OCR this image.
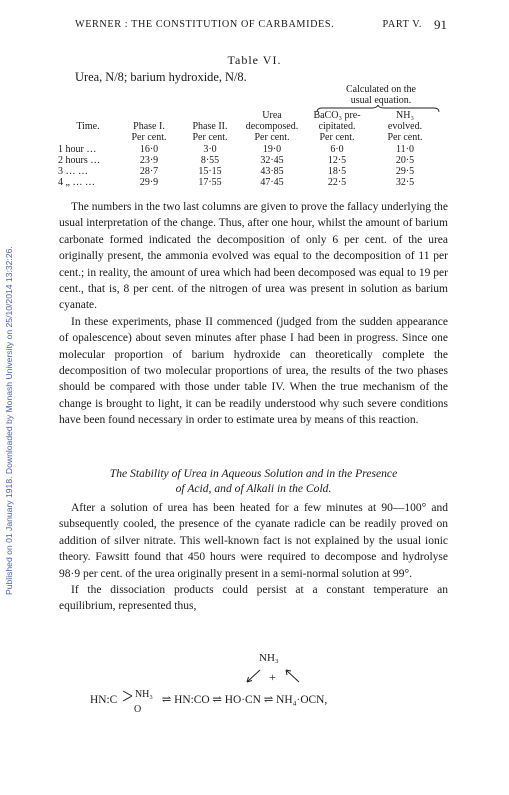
Published on 01 January 1918. Downloaded by Monash University on 25/10/2014 13:32:26.
WERNER : THE CONSTITUTION OF CARBAMIDES.	PART V. 91
Table VI.
Urea, N/8; barium hydroxide, N/8.
Calculated on the
usual equation.
			Urea	BaCO₃ pre-	NH₃
Time.	Phase I.	Phase II.	decomposed.	cipitated.	evolved.
	Per cent.	Per cent.	Per cent.	Per cent.	Per cent.
1 hour …	16·0	3·0	19·0	6·0	11·0
2 hours …	23·9	8·55	32·45	12·5	20·5
3 … …	28·7	15·15	43·85	18·5	29·5
4 „ … …	29·9	17·55	47·45	22·5	32·5

The numbers in the two last columns are given to prove the fallacy underlying the usual interpretation of the change. Thus, after one hour, whilst the amount of barium carbonate formed indicated the decomposition of only 6 per cent. of the urea originally present, the ammonia evolved was equal to the decomposition of 11 per cent.; in reality, the amount of urea which had been decomposed was equal to 19 per cent., that is, 8 per cent. of the nitrogen of urea was present in solution as barium cyanate.

In these experiments, phase II commenced (judged from the sudden appearance of opalescence) about seven minutes after phase I had been in progress. Since one molecular proportion of barium hydroxide can theoretically complete the decomposition of two molecular proportions of urea, the results of the two phases should be compared with those under table IV. When the true mechanism of the change is brought to light, it can be readily understood why such severe conditions have been found necessary in order to estimate urea by means of this reaction.

The Stability of Urea in Aqueous Solution and in the Presence
of Acid, and of Alkali in the Cold.

After a solution of urea has been heated for a few minutes at 90—100° and subsequently cooled, the presence of the cyanate radicle can be readily proved on addition of silver nitrate. This well-known fact is not explained by the usual ionic theory. Fawsitt found that 450 hours were required to decompose and hydrolyse 98·9 per cent. of the urea originally present in a semi-normal solution at 99°.

If the dissociation products could persist at a constant temperature an equilibrium, represented thus,

NH₃
+
HN:C NH₃
O
⇌ HN:CO ⇌ HO·CN ⇌ NH₄·OCN,
